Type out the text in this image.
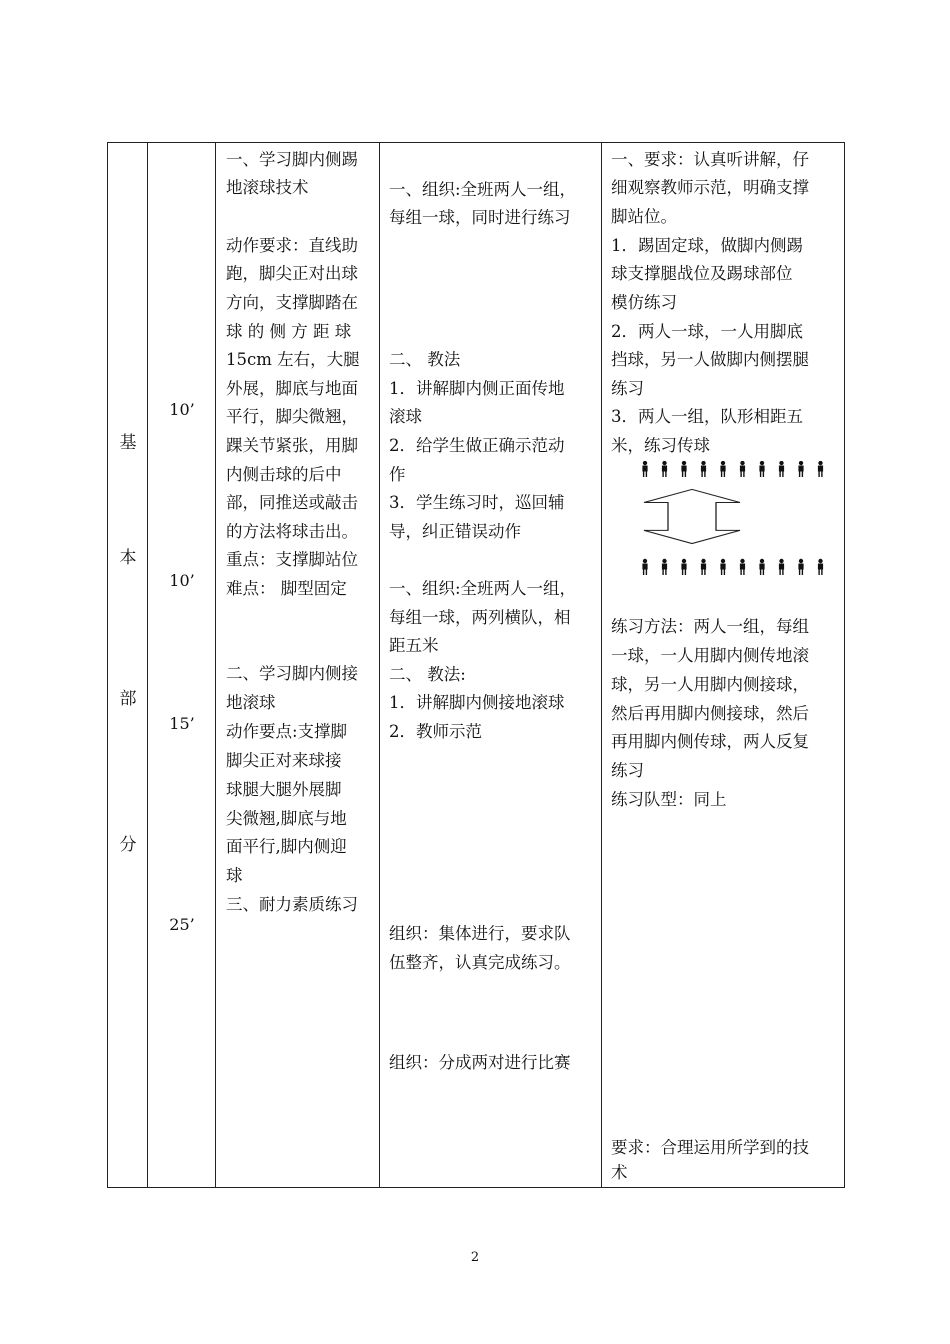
基
本
部
分
10’
10’
15’
25’
一、学习脚内侧踢
地滚球技术
动作要求：直线助
跑，脚尖正对出球
方向，支撑脚踏在
球 的 侧 方 距 球
15cm 左右，大腿
外展，脚底与地面
平行，脚尖微翘，
踝关节紧张，用脚
内侧击球的后中
部，同推送或敲击
的方法将球击出。
重点：支撑脚站位
难点： 脚型固定
二、学习脚内侧接
地滚球
动作要点:支撑脚
脚尖正对来球接
球腿大腿外展脚
尖微翘,脚底与地
面平行,脚内侧迎
球
三、耐力素质练习
一、组织:全班两人一组，
每组一球，同时进行练习
二、 教法
1．讲解脚内侧正面传地
滚球
2．给学生做正确示范动
作
3．学生练习时，巡回辅
导，纠正错误动作
一、组织:全班两人一组，
每组一球，两列横队，相
距五米
二、 教法:
1．讲解脚内侧接地滚球
2．教师示范
组织：集体进行，要求队
伍整齐，认真完成练习。
组织：分成两对进行比赛
一、要求：认真听讲解，仔
细观察教师示范，明确支撑
脚站位。
1．踢固定球，做脚内侧踢
球支撑腿战位及踢球部位
模仿练习
2．两人一球，一人用脚底
挡球，另一人做脚内侧摆腿
练习
3．两人一组，队形相距五
米，练习传球
练习方法：两人一组，每组
一球，一人用脚内侧传地滚
球，另一人用脚内侧接球，
然后再用脚内侧接球，然后
再用脚内侧传球，两人反复
练习
练习队型：同上
要求：合理运用所学到的技
术
2
